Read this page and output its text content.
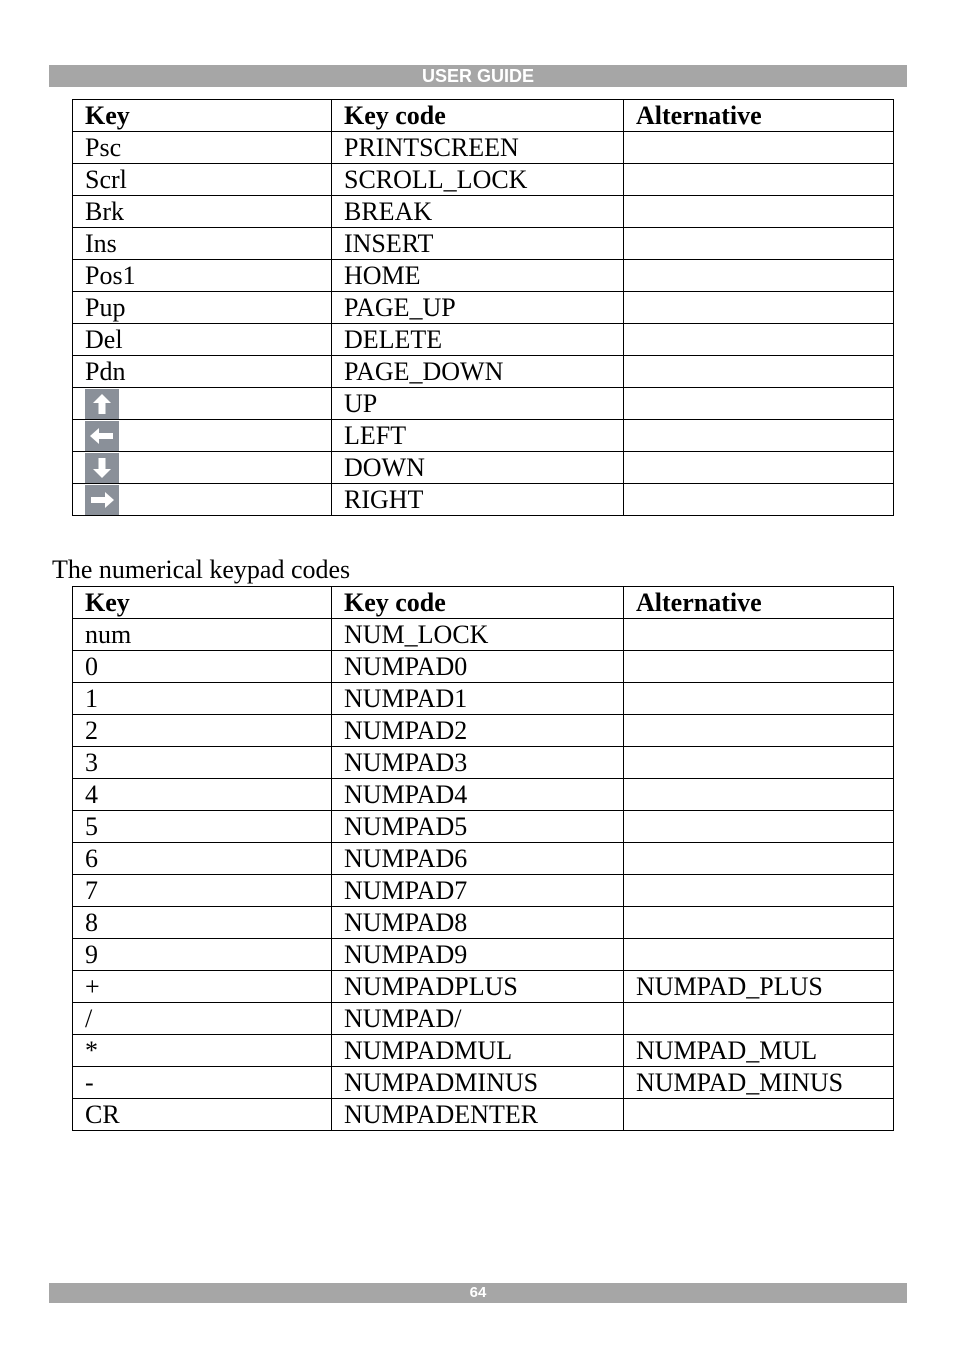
USER GUIDE
Key	Key code	Alternative
Psc	PRINTSCREEN	
Scrl	SCROLL_LOCK	
Brk	BREAK	
Ins	INSERT	
Pos1	HOME	
Pup	PAGE_UP	
Del	DELETE	
Pdn	PAGE_DOWN	

	UP	

	LEFT	

	DOWN	

	RIGHT	

The numerical keypad codes

Key	Key code	Alternative
num	NUM_LOCK	
0	NUMPAD0	
1	NUMPAD1	
2	NUMPAD2	
3	NUMPAD3	
4	NUMPAD4	
5	NUMPAD5	
6	NUMPAD6	
7	NUMPAD7	
8	NUMPAD8	
9	NUMPAD9	
+	NUMPADPLUS	NUMPAD_PLUS
/	NUMPAD/	
*	NUMPADMUL	NUMPAD_MUL
-	NUMPADMINUS	NUMPAD_MINUS
CR	NUMPADENTER	
64
